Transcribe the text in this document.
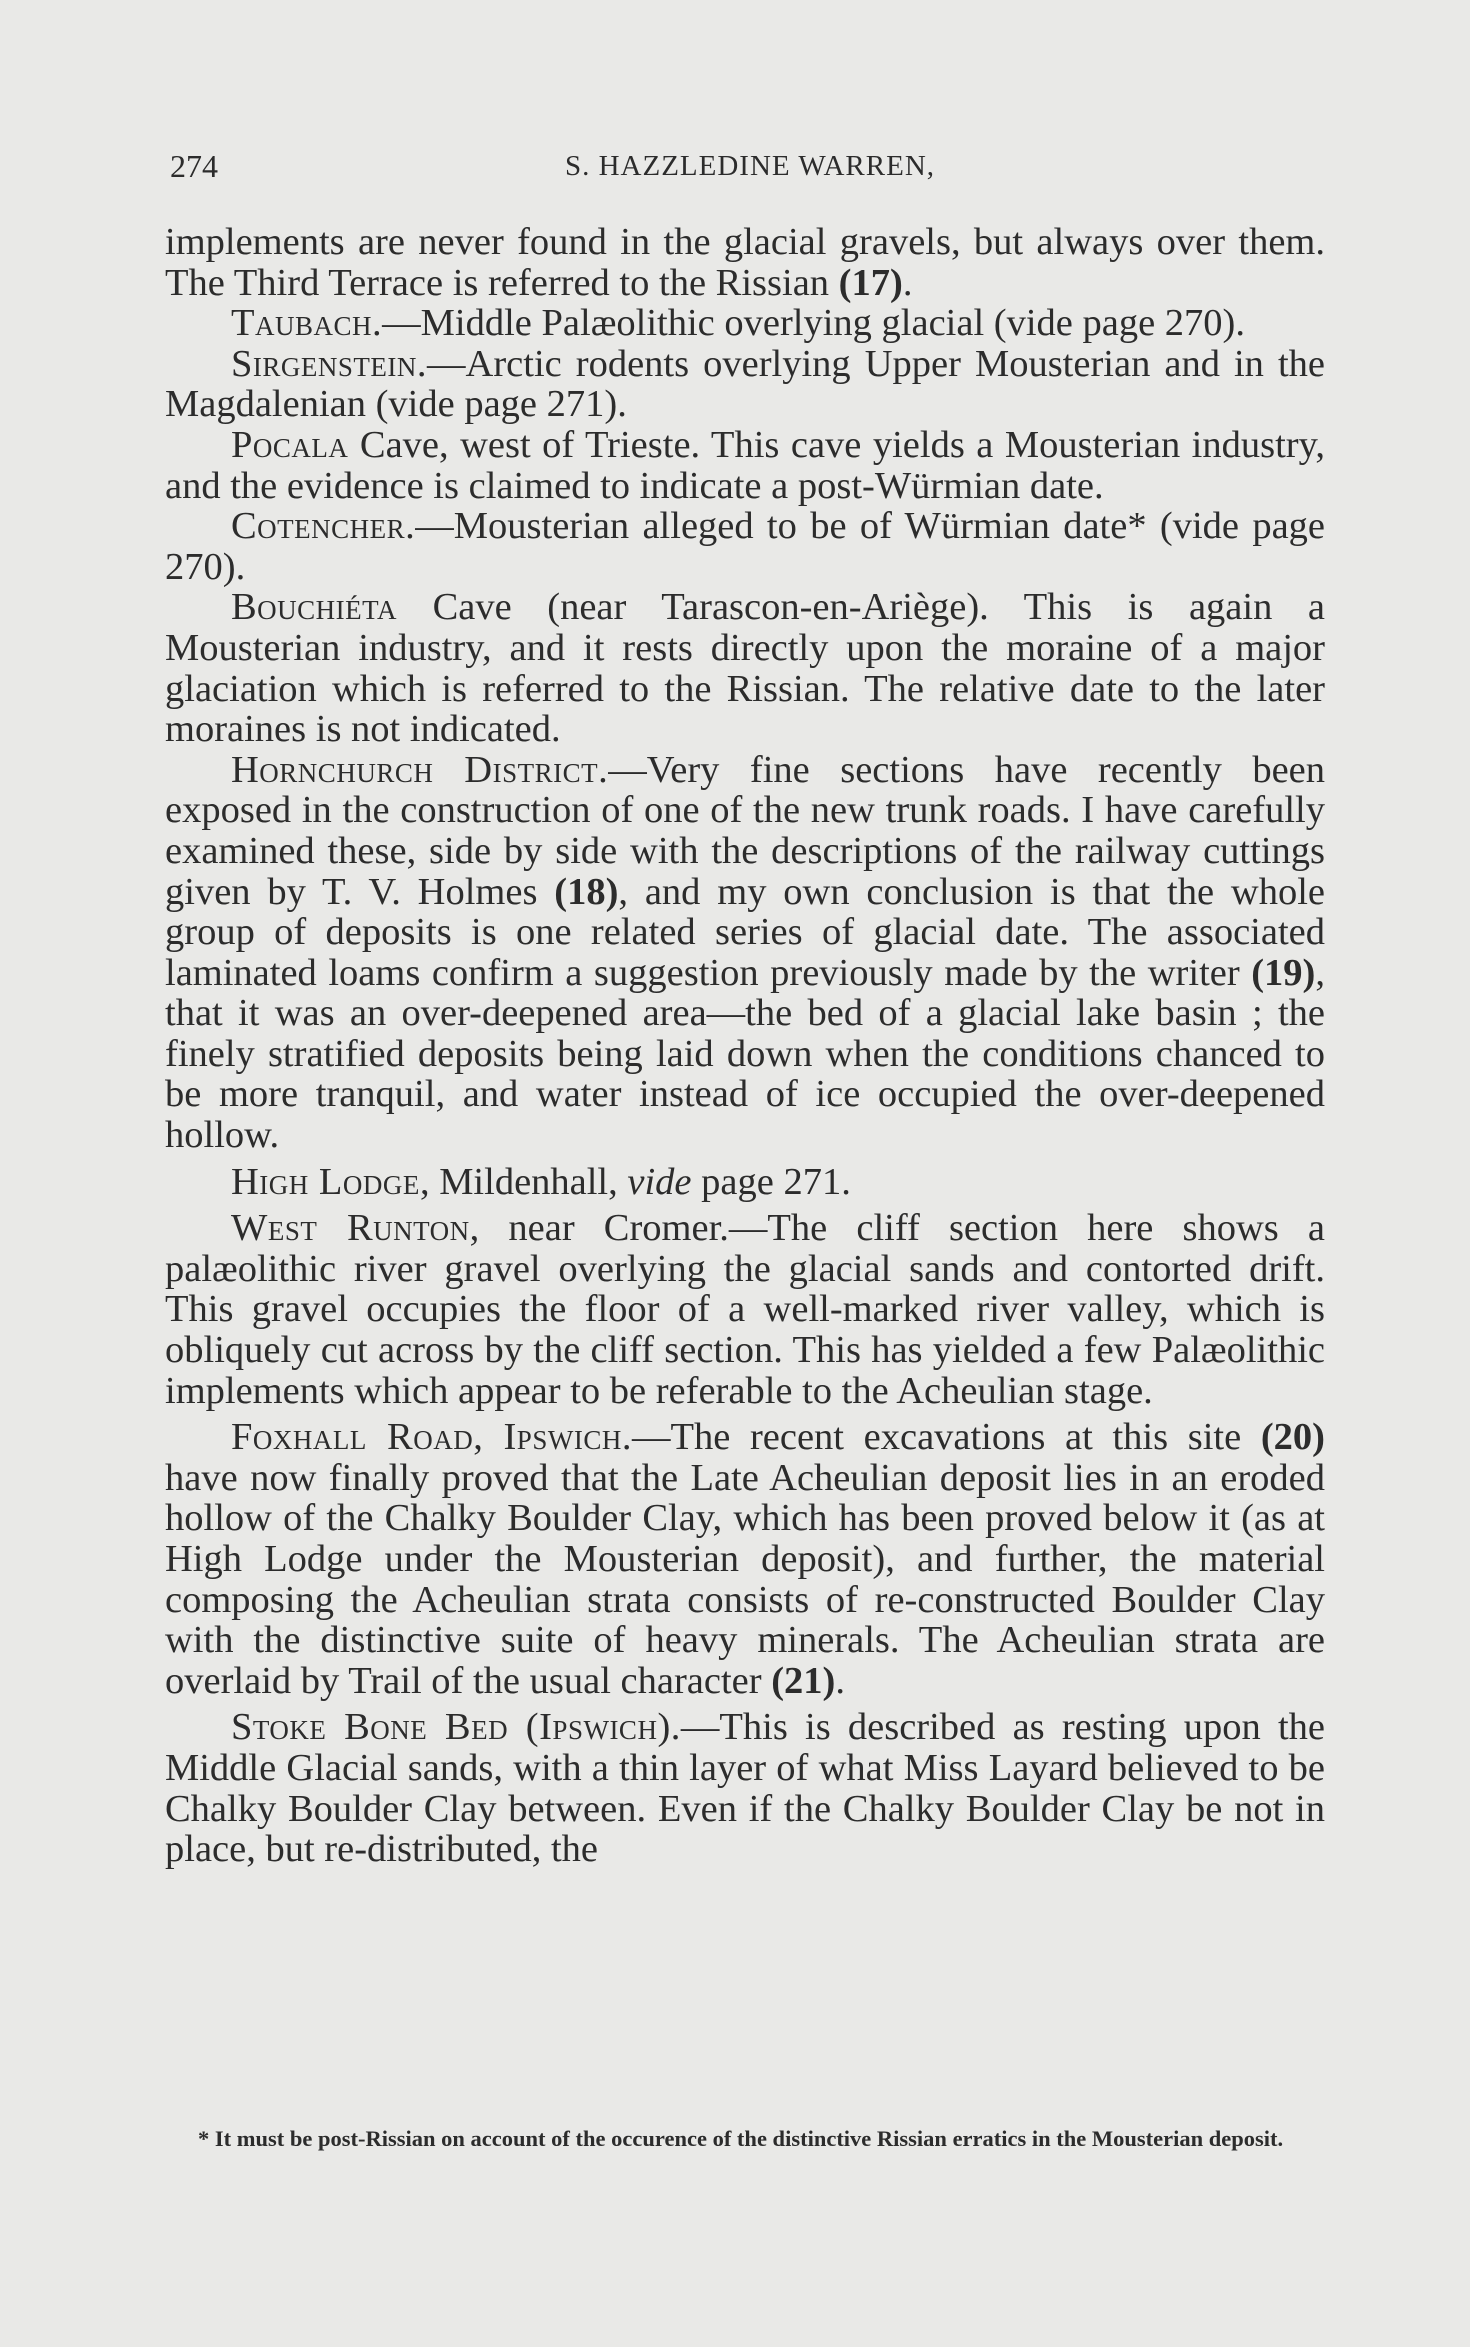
274	S. HAZZLEDINE WARREN,

implements are never found in the glacial gravels, but always over them. The Third Terrace is referred to the Rissian (17).

Taubach.—Middle Palæolithic overlying glacial (vide page 270).

Sirgenstein.—Arctic rodents overlying Upper Mousterian and in the Magdalenian (vide page 271).

Pocala Cave, west of Trieste. This cave yields a Mousterian industry, and the evidence is claimed to indicate a post-Würmian date.

Cotencher.—Mousterian alleged to be of Würmian date* (vide page 270).

Bouchiéta Cave (near Tarascon-en-Ariège). This is again a Mousterian industry, and it rests directly upon the moraine of a major glaciation which is referred to the Rissian. The relative date to the later moraines is not indicated.

Hornchurch District.—Very fine sections have recently been exposed in the construction of one of the new trunk roads. I have carefully examined these, side by side with the descriptions of the railway cuttings given by T. V. Holmes (18), and my own conclusion is that the whole group of deposits is one related series of glacial date. The associated laminated loams confirm a suggestion previously made by the writer (19), that it was an over-deepened area—the bed of a glacial lake basin ; the finely stratified deposits being laid down when the conditions chanced to be more tranquil, and water instead of ice occupied the over-deepened hollow.

High Lodge, Mildenhall, vide page 271.

West Runton, near Cromer.—The cliff section here shows a palæolithic river gravel overlying the glacial sands and contorted drift. This gravel occupies the floor of a well-marked river valley, which is obliquely cut across by the cliff section. This has yielded a few Palæolithic implements which appear to be referable to the Acheulian stage.

Foxhall Road, Ipswich.—The recent excavations at this site (20) have now finally proved that the Late Acheulian deposit lies in an eroded hollow of the Chalky Boulder Clay, which has been proved below it (as at High Lodge under the Mousterian deposit), and further, the material composing the Acheulian strata consists of re-constructed Boulder Clay with the distinctive suite of heavy minerals. The Acheulian strata are overlaid by Trail of the usual character (21).

Stoke Bone Bed (Ipswich).—This is described as resting upon the Middle Glacial sands, with a thin layer of what Miss Layard believed to be Chalky Boulder Clay between. Even if the Chalky Boulder Clay be not in place, but re-distributed, the

* It must be post-Rissian on account of the occurence of the distinctive Rissian erratics in the Mousterian deposit.
